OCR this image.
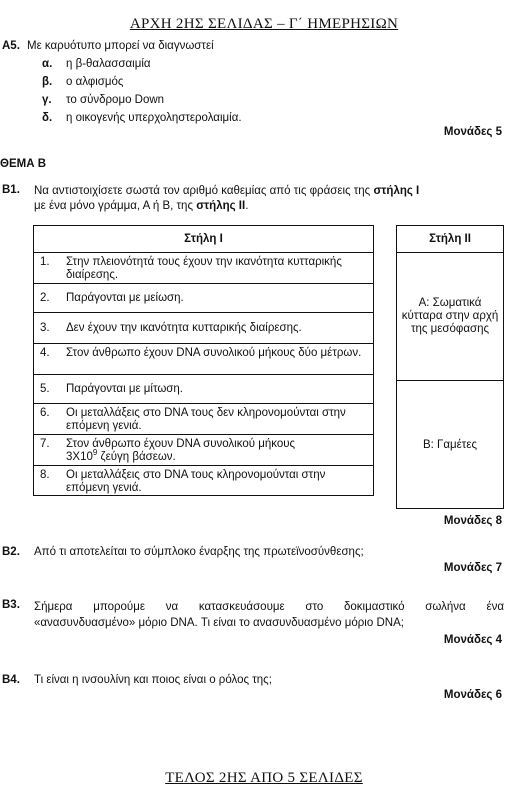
ΑΡΧΗ 2ΗΣ ΣΕΛΙΔΑΣ – Γ΄ ΗΜΕΡΗΣΙΩΝ
Α5. Με καρυότυπο μπορεί να διαγνωστεί
α. η β-θαλασσαιμία
β. ο αλφισμός
γ. το σύνδρομο Down
δ. η οικογενής υπερχοληστερολαιμία.
Μονάδες 5
ΘΕΜΑ Β
Β1. Να αντιστοιχίσετε σωστά τον αριθμό καθεμίας από τις φράσεις της στήλης Ι
με ένα μόνο γράμμα, Α ή Β, της στήλης ΙΙ.
Στήλη Ι

1. Στην πλειονότητά τους έχουν την ικανότητα κυτταρικής διαίρεσης.

2. Παράγονται με μείωση.

3. Δεν έχουν την ικανότητα κυτταρικής διαίρεσης.

4. Στον άνθρωπο έχουν DNA συνολικού μήκους δύο μέτρων.

5. Παράγονται με μίτωση.

6. Οι μεταλλάξεις στο DNA τους δεν κληρονομούνται στην επόμενη γενιά.

7. Στον άνθρωπο έχουν DNA συνολικού μήκους
$3X10^9$ ζεύγη βάσεων.

8. Οι μεταλλάξεις στο DNA τους κληρονομούνται στην επόμενη γενιά.
Στήλη ΙΙ
Α: Σωματικά κύτταρα στην αρχή της μεσόφασης
Β: Γαμέτες
Μονάδες 8
Β2. Από τι αποτελείται το σύμπλοκο έναρξης της πρωτεϊνοσύνθεσης;
Μονάδες 7
Β3. Σήμερα μπορούμε να κατασκευάσουμε στο δοκιμαστικό σωλήνα ένα
«ανασυνδυασμένο» μόριο DNA. Τι είναι το ανασυνδυασμένο μόριο DNA;
Μονάδες 4
Β4. Τι είναι η ινσουλίνη και ποιος είναι ο ρόλος της;
Μονάδες 6
ΤΕΛΟΣ 2ΗΣ ΑΠΟ 5 ΣΕΛΙΔΕΣ
